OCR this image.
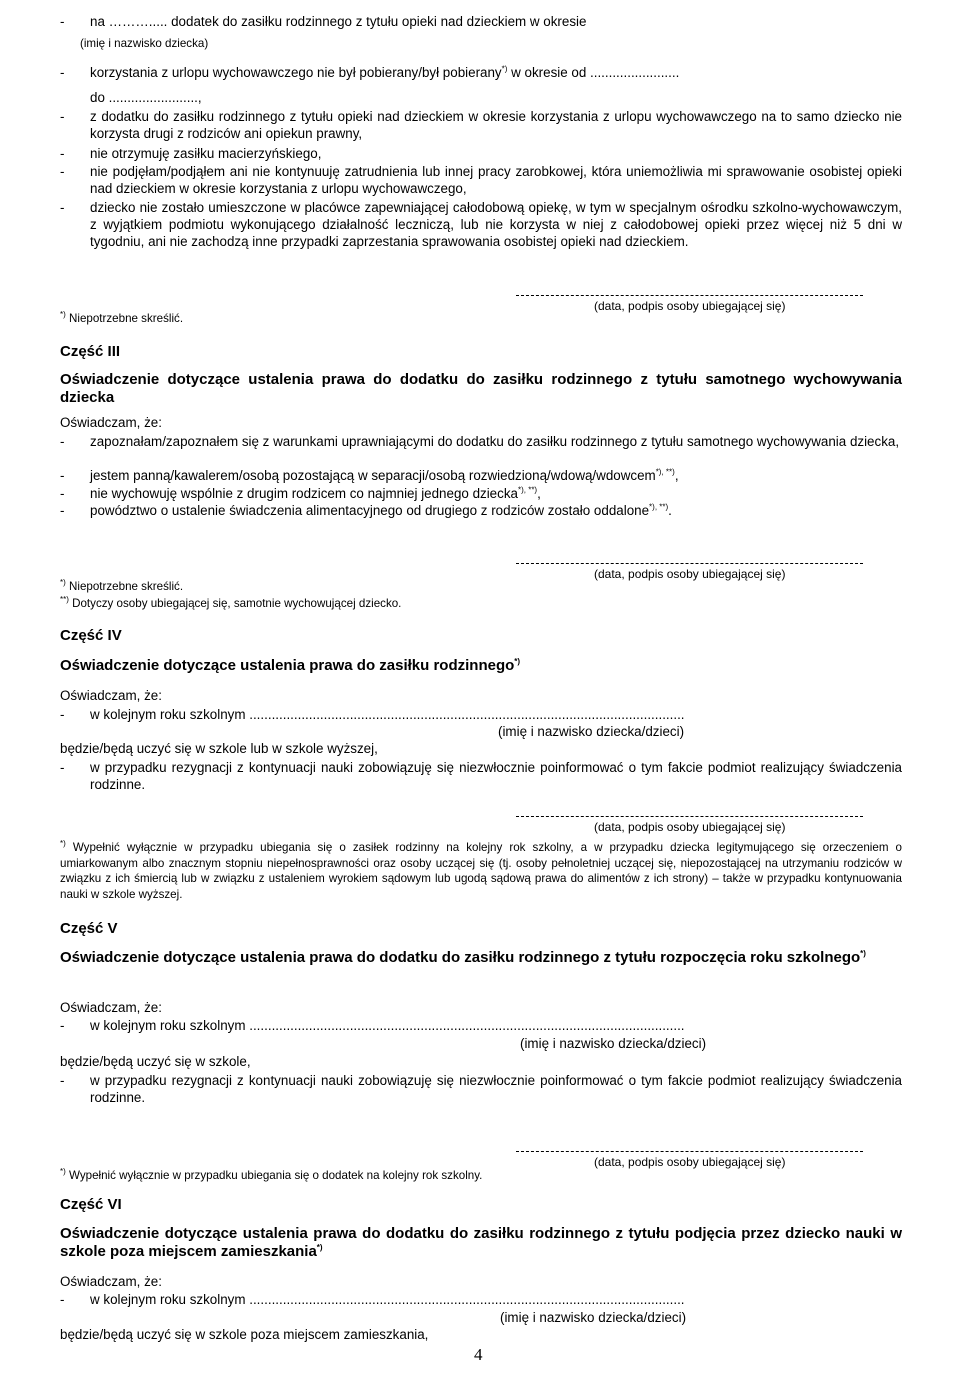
- na ………..... dodatek do zasiłku rodzinnego z tytułu opieki nad dzieckiem w okresie
(imię i nazwisko dziecka)
- korzystania z urlopu wychowawczego nie był pobierany/był pobierany*) w okresie od ........................
do ........................,
- z dodatku do zasiłku rodzinnego z tytułu opieki nad dzieckiem w okresie korzystania z urlopu wychowawczego na to samo dziecko nie korzysta drugi z rodziców ani opiekun prawny,
- nie otrzymuję zasiłku macierzyńskiego,
- nie podjęłam/podjąłem ani nie kontynuuję zatrudnienia lub innej pracy zarobkowej, która uniemożliwia mi sprawowanie osobistej opieki nad dzieckiem w okresie korzystania z urlopu wychowawczego,
- dziecko nie zostało umieszczone w placówce zapewniającej całodobową opiekę, w tym w specjalnym ośrodku szkolno-wychowawczym, z wyjątkiem podmiotu wykonującego działalność leczniczą, lub nie korzysta w niej z całodobowej opieki przez więcej niż 5 dni w tygodniu, ani nie zachodzą inne przypadki zaprzestania sprawowania osobistej opieki nad dzieckiem.
(data, podpis osoby ubiegającej się)
*) Niepotrzebne skreślić.
Część III
Oświadczenie dotyczące ustalenia prawa do dodatku do zasiłku rodzinnego z tytułu samotnego wychowywania dziecka
Oświadczam, że:
- zapoznałam/zapoznałem się z warunkami uprawniającymi do dodatku do zasiłku rodzinnego z tytułu samotnego wychowywania dziecka,
- jestem panną/kawalerem/osobą pozostającą w separacji/osobą rozwiedzioną/wdową/wdowcem*), **),
- nie wychowuję wspólnie z drugim rodzicem co najmniej jednego dziecka*), **),
- powództwo o ustalenie świadczenia alimentacyjnego od drugiego z rodziców zostało oddalone*), **).
(data, podpis osoby ubiegającej się)
*) Niepotrzebne skreślić.
**) Dotyczy osoby ubiegającej się, samotnie wychowującej dziecko.
Część IV
Oświadczenie dotyczące ustalenia prawa do zasiłku rodzinnego*)
Oświadczam, że:
- w kolejnym roku szkolnym .....................................................................................................................
(imię i nazwisko dziecka/dzieci)
będzie/będą uczyć się w szkole lub w szkole wyższej,
- w przypadku rezygnacji z kontynuacji nauki zobowiązuję się niezwłocznie poinformować o tym fakcie podmiot realizujący świadczenia rodzinne.
(data, podpis osoby ubiegającej się)
*) Wypełnić wyłącznie w przypadku ubiegania się o zasiłek rodzinny na kolejny rok szkolny, a w przypadku dziecka legitymującego się orzeczeniem o umiarkowanym albo znacznym stopniu niepełnosprawności oraz osoby uczącej się (tj. osoby pełnoletniej uczącej się, niepozostającej na utrzymaniu rodziców w związku z ich śmiercią lub w związku z ustaleniem wyrokiem sądowym lub ugodą sądową prawa do alimentów z ich strony) – także w przypadku kontynuowania nauki w szkole wyższej.
Część V
Oświadczenie dotyczące ustalenia prawa do dodatku do zasiłku rodzinnego z tytułu rozpoczęcia roku szkolnego*)
Oświadczam, że:
- w kolejnym roku szkolnym .....................................................................................................................
(imię i nazwisko dziecka/dzieci)
będzie/będą uczyć się w szkole,
- w przypadku rezygnacji z kontynuacji nauki zobowiązuję się niezwłocznie poinformować o tym fakcie podmiot realizujący świadczenia rodzinne.
(data, podpis osoby ubiegającej się)
*) Wypełnić wyłącznie w przypadku ubiegania się o dodatek na kolejny rok szkolny.
Część VI
Oświadczenie dotyczące ustalenia prawa do dodatku do zasiłku rodzinnego z tytułu podjęcia przez dziecko nauki w szkole poza miejscem zamieszkania*)
Oświadczam, że:
- w kolejnym roku szkolnym .....................................................................................................................
(imię i nazwisko dziecka/dzieci)
będzie/będą uczyć się w szkole poza miejscem zamieszkania,
4
